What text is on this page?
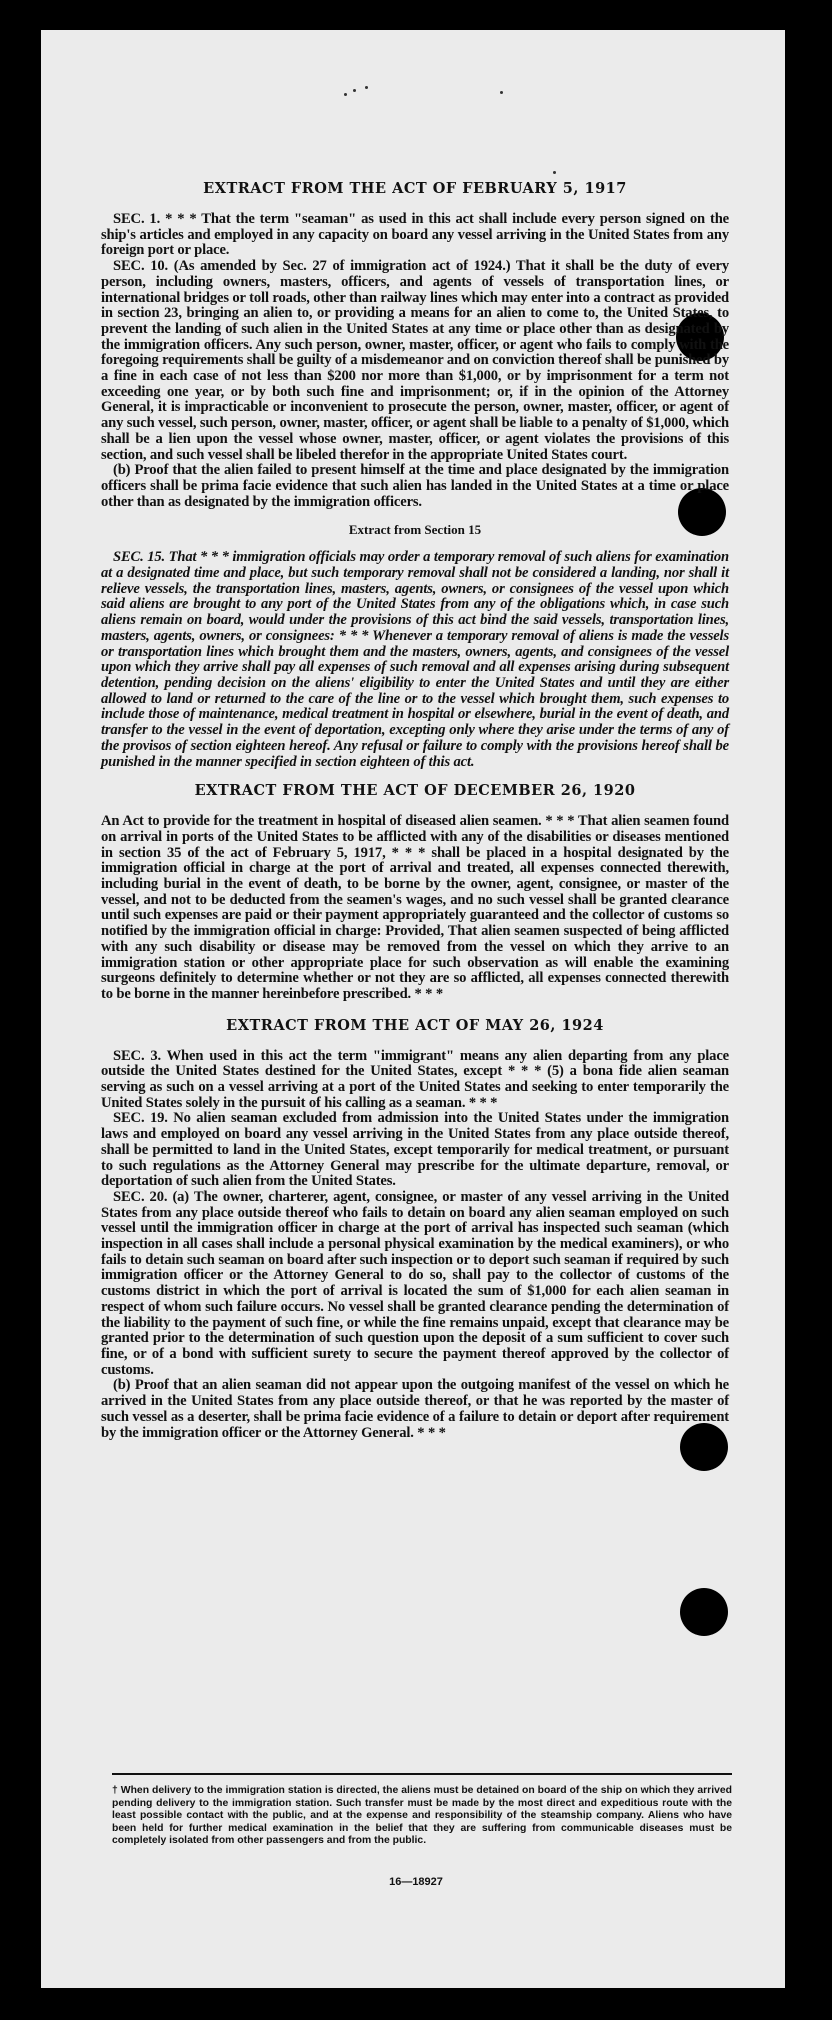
EXTRACT FROM THE ACT OF FEBRUARY 5, 1917

SEC. 1. * * * That the term "seaman" as used in this act shall include every person signed on the ship's articles and employed in any capacity on board any vessel arriving in the United States from any foreign port or place.

SEC. 10. (As amended by Sec. 27 of immigration act of 1924.) That it shall be the duty of every person, including owners, masters, officers, and agents of vessels of transportation lines, or international bridges or toll roads, other than railway lines which may enter into a contract as provided in section 23, bringing an alien to, or providing a means for an alien to come to, the United States, to prevent the landing of such alien in the United States at any time or place other than as designated by the immigration officers. Any such person, owner, master, officer, or agent who fails to comply with the foregoing requirements shall be guilty of a misdemeanor and on conviction thereof shall be punished by a fine in each case of not less than $200 nor more than $1,000, or by imprisonment for a term not exceeding one year, or by both such fine and imprisonment; or, if in the opinion of the Attorney General, it is impracticable or inconvenient to prosecute the person, owner, master, officer, or agent of any such vessel, such person, owner, master, officer, or agent shall be liable to a penalty of $1,000, which shall be a lien upon the vessel whose owner, master, officer, or agent violates the provisions of this section, and such vessel shall be libeled therefor in the appropriate United States court.

(b) Proof that the alien failed to present himself at the time and place designated by the immigration officers shall be prima facie evidence that such alien has landed in the United States at a time or place other than as designated by the immigration officers.

Extract from Section 15

SEC. 15. That * * * immigration officials may order a temporary removal of such aliens for examination at a designated time and place, but such temporary removal shall not be considered a landing, nor shall it relieve vessels, the transportation lines, masters, agents, owners, or consignees of the vessel upon which said aliens are brought to any port of the United States from any of the obligations which, in case such aliens remain on board, would under the provisions of this act bind the said vessels, transportation lines, masters, agents, owners, or consignees: * * * Whenever a temporary removal of aliens is made the vessels or transportation lines which brought them and the masters, owners, agents, and consignees of the vessel upon which they arrive shall pay all expenses of such removal and all expenses arising during subsequent detention, pending decision on the aliens' eligibility to enter the United States and until they are either allowed to land or returned to the care of the line or to the vessel which brought them, such expenses to include those of maintenance, medical treatment in hospital or elsewhere, burial in the event of death, and transfer to the vessel in the event of deportation, excepting only where they arise under the terms of any of the provisos of section eighteen hereof. Any refusal or failure to comply with the provisions hereof shall be punished in the manner specified in section eighteen of this act.

EXTRACT FROM THE ACT OF DECEMBER 26, 1920

An Act to provide for the treatment in hospital of diseased alien seamen. * * * That alien seamen found on arrival in ports of the United States to be afflicted with any of the disabilities or diseases mentioned in section 35 of the act of February 5, 1917, * * * shall be placed in a hospital designated by the immigration official in charge at the port of arrival and treated, all expenses connected therewith, including burial in the event of death, to be borne by the owner, agent, consignee, or master of the vessel, and not to be deducted from the seamen's wages, and no such vessel shall be granted clearance until such expenses are paid or their payment appropriately guaranteed and the collector of customs so notified by the immigration official in charge: Provided, That alien seamen suspected of being afflicted with any such disability or disease may be removed from the vessel on which they arrive to an immigration station or other appropriate place for such observation as will enable the examining surgeons definitely to determine whether or not they are so afflicted, all expenses connected therewith to be borne in the manner hereinbefore prescribed. * * *

EXTRACT FROM THE ACT OF MAY 26, 1924

SEC. 3. When used in this act the term "immigrant" means any alien departing from any place outside the United States destined for the United States, except * * * (5) a bona fide alien seaman serving as such on a vessel arriving at a port of the United States and seeking to enter temporarily the United States solely in the pursuit of his calling as a seaman. * * *

SEC. 19. No alien seaman excluded from admission into the United States under the immigration laws and employed on board any vessel arriving in the United States from any place outside thereof, shall be permitted to land in the United States, except temporarily for medical treatment, or pursuant to such regulations as the Attorney General may prescribe for the ultimate departure, removal, or deportation of such alien from the United States.

SEC. 20. (a) The owner, charterer, agent, consignee, or master of any vessel arriving in the United States from any place outside thereof who fails to detain on board any alien seaman employed on such vessel until the immigration officer in charge at the port of arrival has inspected such seaman (which inspection in all cases shall include a personal physical examination by the medical examiners), or who fails to detain such seaman on board after such inspection or to deport such seaman if required by such immigration officer or the Attorney General to do so, shall pay to the collector of customs of the customs district in which the port of arrival is located the sum of $1,000 for each alien seaman in respect of whom such failure occurs. No vessel shall be granted clearance pending the determination of the liability to the payment of such fine, or while the fine remains unpaid, except that clearance may be granted prior to the determination of such question upon the deposit of a sum sufficient to cover such fine, or of a bond with sufficient surety to secure the payment thereof approved by the collector of customs.

(b) Proof that an alien seaman did not appear upon the outgoing manifest of the vessel on which he arrived in the United States from any place outside thereof, or that he was reported by the master of such vessel as a deserter, shall be prima facie evidence of a failure to detain or deport after requirement by the immigration officer or the Attorney General. * * *

† When delivery to the immigration station is directed, the aliens must be detained on board of the ship on which they arrived pending delivery to the immigration station. Such transfer must be made by the most direct and expeditious route with the least possible contact with the public, and at the expense and responsibility of the steamship company. Aliens who have been held for further medical examination in the belief that they are suffering from communicable diseases must be completely isolated from other passengers and from the public.
16—18927
